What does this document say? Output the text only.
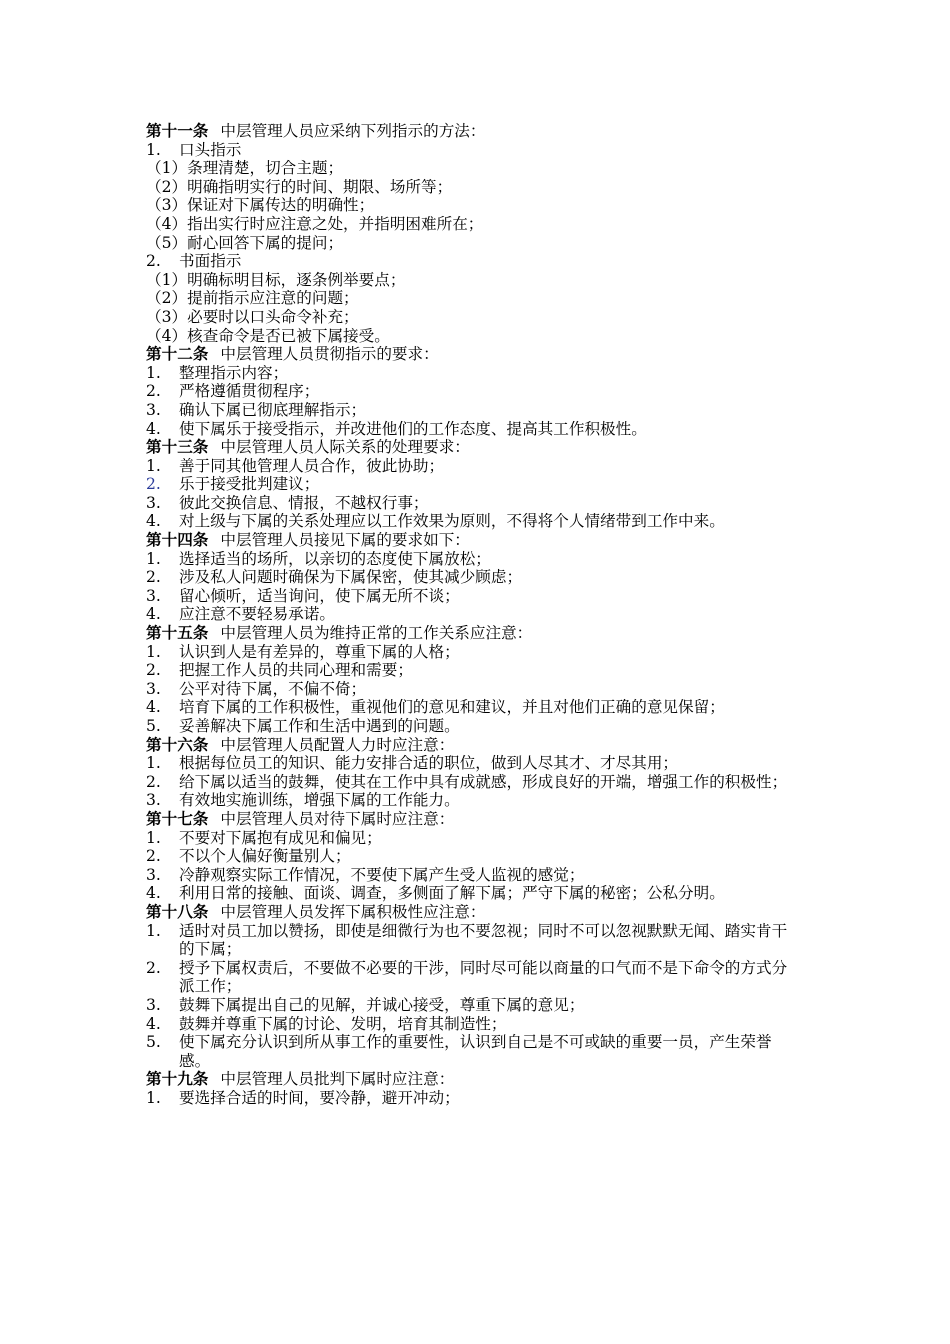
第十一条 中层管理人员应采纳下列指示的方法：
1.	口头指示
（1）条理清楚，切合主题；
（2）明确指明实行的时间、期限、场所等；
（3）保证对下属传达的明确性；
（4）指出实行时应注意之处，并指明困难所在；
（5）耐心回答下属的提问；
2.	书面指示
（1）明确标明目标，逐条例举要点；
（2）提前指示应注意的问题；
（3）必要时以口头命令补充；
（4）核查命令是否已被下属接受。
第十二条 中层管理人员贯彻指示的要求：
1.	整理指示内容；
2.	严格遵循贯彻程序；
3.	确认下属已彻底理解指示；
4.	使下属乐于接受指示，并改进他们的工作态度、提高其工作积极性。
第十三条 中层管理人员人际关系的处理要求：
1.	善于同其他管理人员合作，彼此协助；
2.	乐于接受批判建议；
3.	彼此交换信息、情报，不越权行事；
4.	对上级与下属的关系处理应以工作效果为原则，不得将个人情绪带到工作中来。
第十四条 中层管理人员接见下属的要求如下：
1.	选择适当的场所，以亲切的态度使下属放松；
2.	涉及私人问题时确保为下属保密，使其减少顾虑；
3.	留心倾听，适当询问，使下属无所不谈；
4.	应注意不要轻易承诺。
第十五条 中层管理人员为维持正常的工作关系应注意：
1.	认识到人是有差异的，尊重下属的人格；
2.	把握工作人员的共同心理和需要；
3.	公平对待下属，不偏不倚；
4.	培育下属的工作积极性，重视他们的意见和建议，并且对他们正确的意见保留；
5.	妥善解决下属工作和生活中遇到的问题。
第十六条 中层管理人员配置人力时应注意：
1.	根据每位员工的知识、能力安排合适的职位，做到人尽其才、才尽其用；
2.	给下属以适当的鼓舞，使其在工作中具有成就感，形成良好的开端，增强工作的积极性；
3.	有效地实施训练，增强下属的工作能力。
第十七条 中层管理人员对待下属时应注意：
1.	不要对下属抱有成见和偏见；
2.	不以个人偏好衡量别人；
3.	冷静观察实际工作情况，不要使下属产生受人监视的感觉；
4.	利用日常的接触、面谈、调查，多侧面了解下属；严守下属的秘密；公私分明。
第十八条 中层管理人员发挥下属积极性应注意：
1.	适时对员工加以赞扬，即使是细微行为也不要忽视；同时不可以忽视默默无闻、踏实肯干的下属；
2.	授予下属权责后，不要做不必要的干涉，同时尽可能以商量的口气而不是下命令的方式分派工作；
3.	鼓舞下属提出自己的见解，并诚心接受，尊重下属的意见；
4.	鼓舞并尊重下属的讨论、发明，培育其制造性；
5.	使下属充分认识到所从事工作的重要性，认识到自己是不可或缺的重要一员，产生荣誉感。
第十九条 中层管理人员批判下属时应注意：
1.	要选择合适的时间，要冷静，避开冲动；
